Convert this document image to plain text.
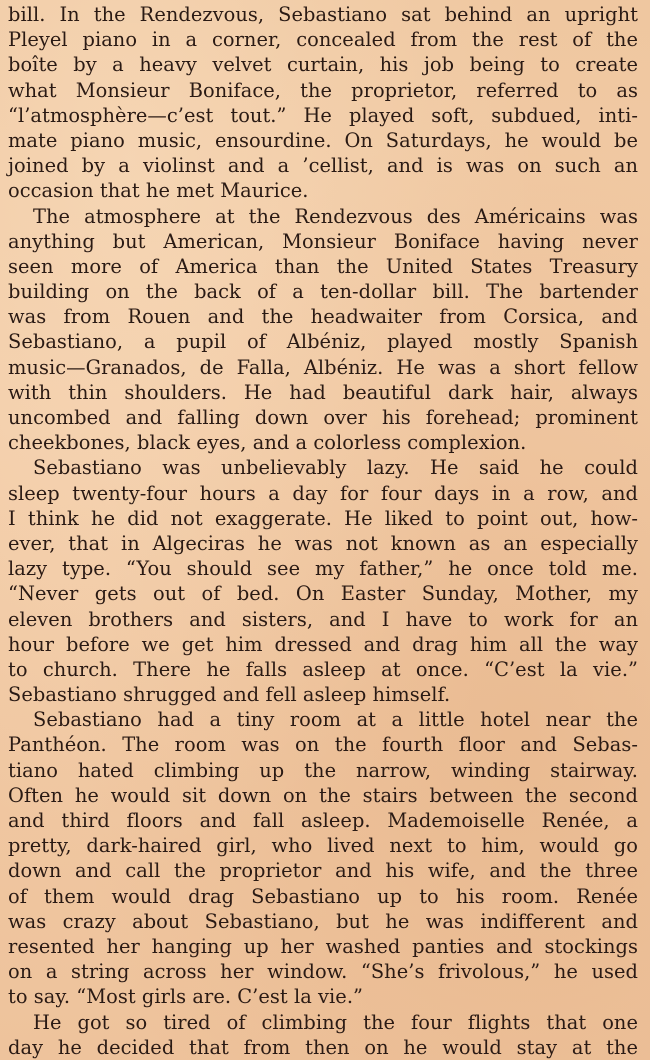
bill. In the Rendezvous, Sebastiano sat behind an upright
Pleyel piano in a corner, concealed from the rest of the
boîte by a heavy velvet curtain, his job being to create
what Monsieur Boniface, the proprietor, referred to as
“l’atmosphère—c’est tout.” He played soft, subdued, inti-
mate piano music, ensourdine. On Saturdays, he would be
joined by a violinst and a ’cellist, and is was on such an
occasion that he met Maurice.
The atmosphere at the Rendezvous des Américains was
anything but American, Monsieur Boniface having never
seen more of America than the United States Treasury
building on the back of a ten-dollar bill. The bartender
was from Rouen and the headwaiter from Corsica, and
Sebastiano, a pupil of Albéniz, played mostly Spanish
music—Granados, de Falla, Albéniz. He was a short fellow
with thin shoulders. He had beautiful dark hair, always
uncombed and falling down over his forehead; prominent
cheekbones, black eyes, and a colorless complexion.
Sebastiano was unbelievably lazy. He said he could
sleep twenty-four hours a day for four days in a row, and
I think he did not exaggerate. He liked to point out, how-
ever, that in Algeciras he was not known as an especially
lazy type. “You should see my father,” he once told me.
“Never gets out of bed. On Easter Sunday, Mother, my
eleven brothers and sisters, and I have to work for an
hour before we get him dressed and drag him all the way
to church. There he falls asleep at once. “C’est la vie.”
Sebastiano shrugged and fell asleep himself.
Sebastiano had a tiny room at a little hotel near the
Panthéon. The room was on the fourth floor and Sebas-
tiano hated climbing up the narrow, winding stairway.
Often he would sit down on the stairs between the second
and third floors and fall asleep. Mademoiselle Renée, a
pretty, dark-haired girl, who lived next to him, would go
down and call the proprietor and his wife, and the three
of them would drag Sebastiano up to his room. Renée
was crazy about Sebastiano, but he was indifferent and
resented her hanging up her washed panties and stockings
on a string across her window. “She’s frivolous,” he used
to say. “Most girls are. C’est la vie.”
He got so tired of climbing the four flights that one
day he decided that from then on he would stay at the
